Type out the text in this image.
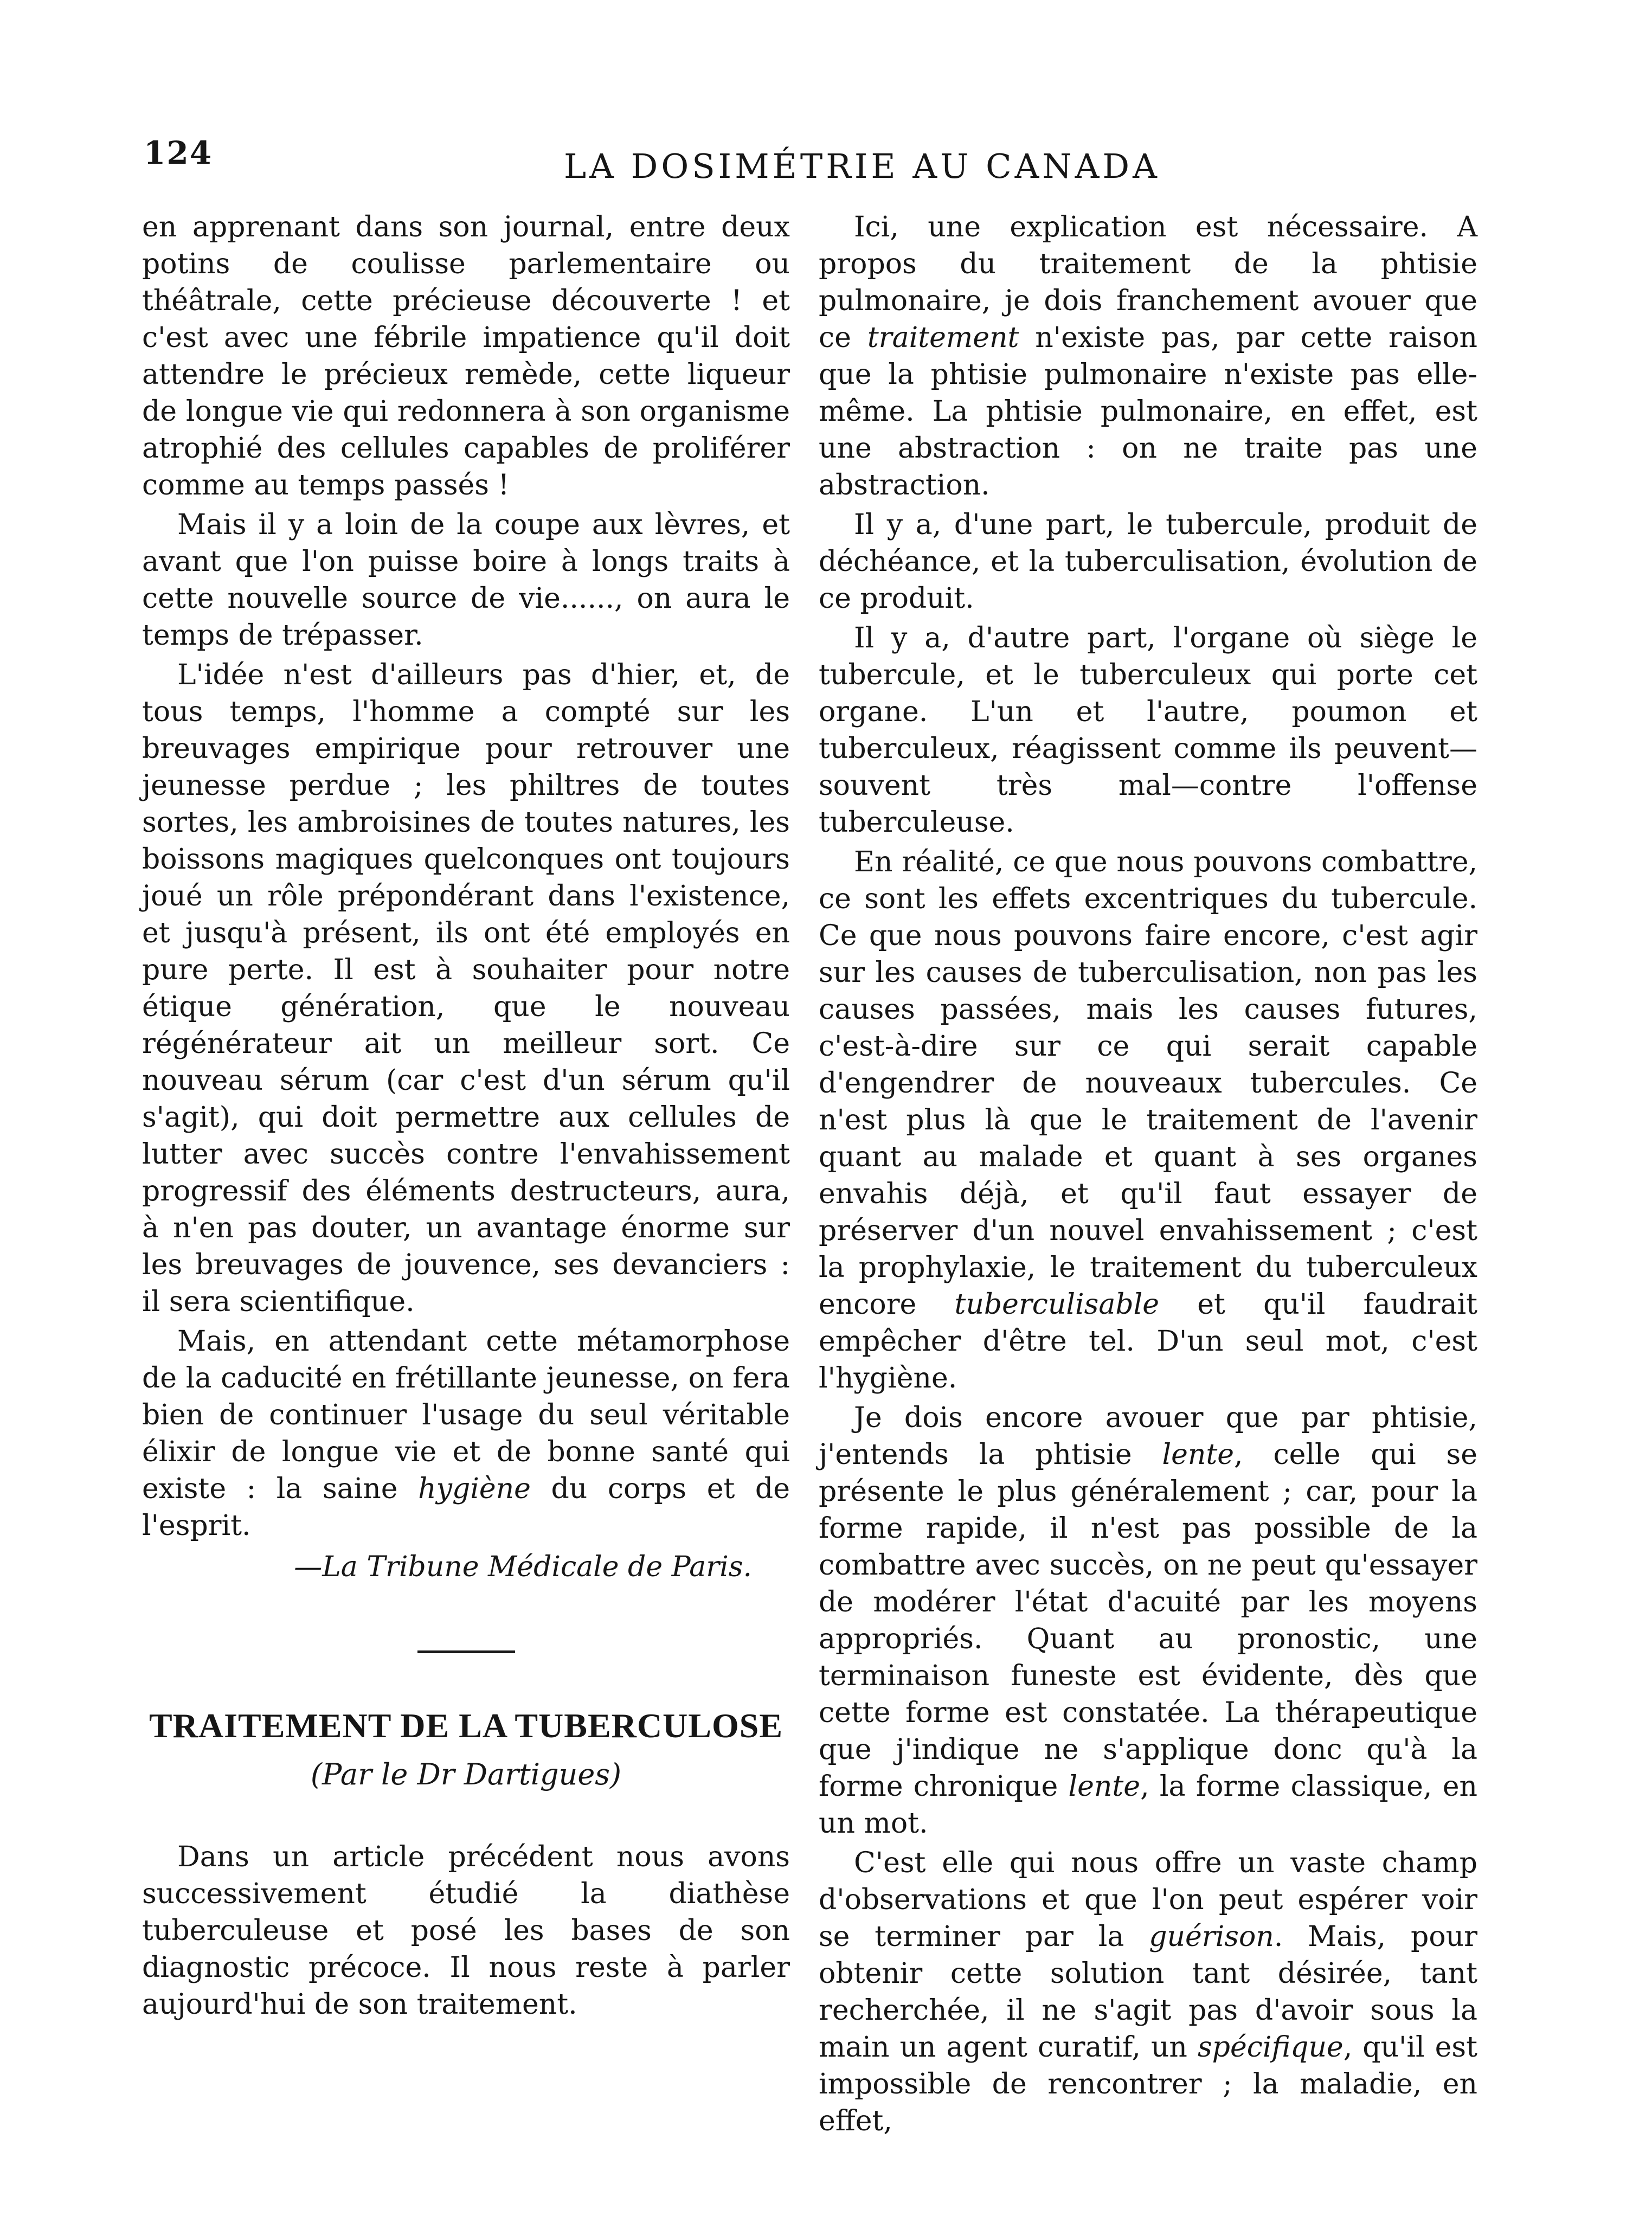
124	LA DOSIMÉTRIE AU CANADA

en apprenant dans son journal, entre deux potins de coulisse parlementaire ou théâtrale, cette précieuse découverte ! et c'est avec une fébrile impatience qu'il doit attendre le précieux remède, cette liqueur de longue vie qui redonnera à son organisme atrophié des cellules capables de proliférer comme au temps passés !

Mais il y a loin de la coupe aux lèvres, et avant que l'on puisse boire à longs traits à cette nouvelle source de vie......, on aura le temps de trépasser.

L'idée n'est d'ailleurs pas d'hier, et, de tous temps, l'homme a compté sur les breuvages empirique pour retrouver une jeunesse perdue ; les philtres de toutes sortes, les ambroisines de toutes natures, les boissons magiques quelconques ont toujours joué un rôle prépondérant dans l'existence, et jusqu'à présent, ils ont été employés en pure perte. Il est à souhaiter pour notre étique génération, que le nouveau régénérateur ait un meilleur sort. Ce nouveau sérum (car c'est d'un sérum qu'il s'agit), qui doit permettre aux cellules de lutter avec succès contre l'envahissement progressif des éléments destructeurs, aura, à n'en pas douter, un avantage énorme sur les breuvages de jouvence, ses devanciers : il sera scientifique.

Mais, en attendant cette métamorphose de la caducité en frétillante jeunesse, on fera bien de continuer l'usage du seul véritable élixir de longue vie et de bonne santé qui existe : la saine hygiène du corps et de l'esprit.

—La Tribune Médicale de Paris.
TRAITEMENT DE LA TUBERCULOSE
(Par le Dr Dartigues)

Dans un article précédent nous avons successivement étudié la diathèse tuberculeuse et posé les bases de son diagnostic précoce. Il nous reste à parler aujourd'hui de son traitement.

Ici, une explication est nécessaire. A propos du traitement de la phtisie pulmonaire, je dois franchement avouer que ce traitement n'existe pas, par cette raison que la phtisie pulmonaire n'existe pas elle-même. La phtisie pulmonaire, en effet, est une abstraction : on ne traite pas une abstraction.

Il y a, d'une part, le tubercule, produit de déchéance, et la tuberculisation, évolution de ce produit.

Il y a, d'autre part, l'organe où siège le tubercule, et le tuberculeux qui porte cet organe. L'un et l'autre, poumon et tuberculeux, réagissent comme ils peuvent—souvent très mal—contre l'offense tuberculeuse.

En réalité, ce que nous pouvons combattre, ce sont les effets excentriques du tubercule. Ce que nous pouvons faire encore, c'est agir sur les causes de tuberculisation, non pas les causes passées, mais les causes futures, c'est-à-dire sur ce qui serait capable d'engendrer de nouveaux tubercules. Ce n'est plus là que le traitement de l'avenir quant au malade et quant à ses organes envahis déjà, et qu'il faut essayer de préserver d'un nouvel envahissement ; c'est la prophylaxie, le traitement du tuberculeux encore tuberculisable et qu'il faudrait empêcher d'être tel. D'un seul mot, c'est l'hygiène.

Je dois encore avouer que par phtisie, j'entends la phtisie lente, celle qui se présente le plus généralement ; car, pour la forme rapide, il n'est pas possible de la combattre avec succès, on ne peut qu'essayer de modérer l'état d'acuité par les moyens appropriés. Quant au pronostic, une terminaison funeste est évidente, dès que cette forme est constatée. La thérapeutique que j'indique ne s'applique donc qu'à la forme chronique lente, la forme classique, en un mot.

C'est elle qui nous offre un vaste champ d'observations et que l'on peut espérer voir se terminer par la guérison. Mais, pour obtenir cette solution tant désirée, tant recherchée, il ne s'agit pas d'avoir sous la main un agent curatif, un spécifique, qu'il est impossible de rencontrer ; la maladie, en effet,
